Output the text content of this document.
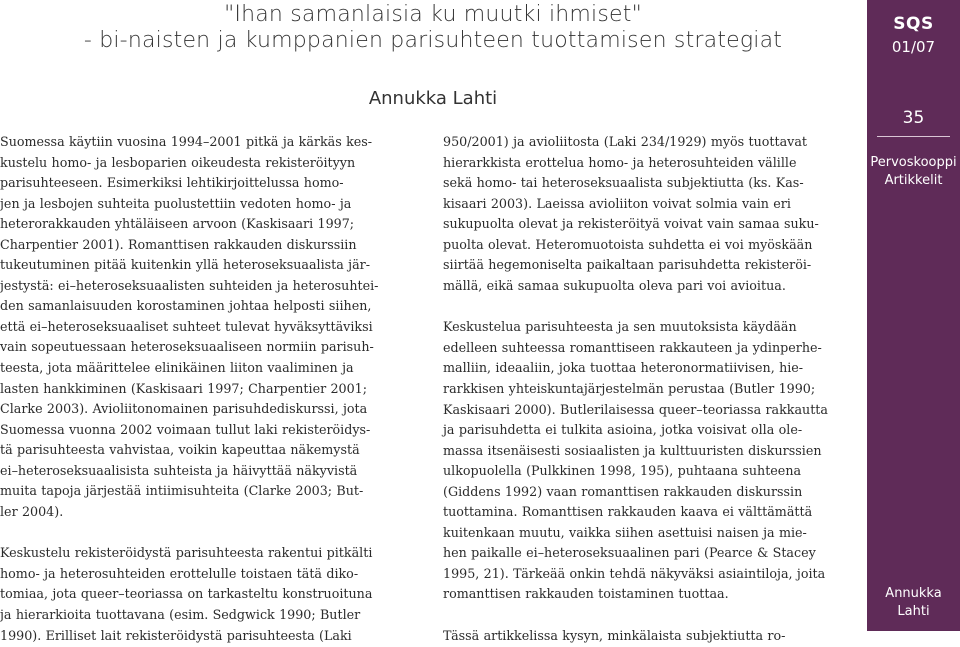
"Ihan samanlaisia ku muutki ihmiset"
- bi-naisten ja kumppanien parisuhteen tuottamisen strategiat
Annukka Lahti
SQS
01/07
35
Pervoskooppi
Artikkelit
Annukka
Lahti

Suomessa käytiin vuosina 1994–2001 pitkä ja kärkäs kes-
kustelu homo- ja lesboparien oikeudesta rekisteröityyn
parisuhteeseen. Esimerkiksi lehtikirjoittelussa homo-
jen ja lesbojen suhteita puolustettiin vedoten homo- ja
heterorakkauden yhtäläiseen arvoon (Kaskisaari 1997;
Charpentier 2001). Romanttisen rakkauden diskurssiin
tukeutuminen pitää kuitenkin yllä heteroseksuaalista jär-
jestystä: ei–heteroseksuaalisten suhteiden ja heterosuhtei-
den samanlaisuuden korostaminen johtaa helposti siihen,
että ei–heteroseksuaaliset suhteet tulevat hyväksyttäviksi
vain sopeutuessaan heteroseksuaaliseen normiin parisuh-
teesta, jota määrittelee elinikäinen liiton vaaliminen ja
lasten hankkiminen (Kaskisaari 1997; Charpentier 2001;
Clarke 2003). Avioliitonomainen parisuhdediskurssi, jota
Suomessa vuonna 2002 voimaan tullut laki rekisteröidys-
tä parisuhteesta vahvistaa, voikin kapeuttaa näkemystä
ei–heteroseksuaalisista suhteista ja häivyttää näkyvistä
muita tapoja järjestää intiimisuhteita (Clarke 2003; But-
ler 2004).

Keskustelu rekisteröidystä parisuhteesta rakentui pitkälti
homo- ja heterosuhteiden erottelulle toistaen tätä diko-
tomiaa, jota queer–teoriassa on tarkasteltu konstruoituna
ja hierarkioita tuottavana (esim. Sedgwick 1990; Butler
1990). Erilliset lait rekisteröidystä parisuhteesta (Laki

950/2001) ja avioliitosta (Laki 234/1929) myös tuottavat
hierarkkista erottelua homo- ja heterosuhteiden välille
sekä homo- tai heteroseksuaalista subjektiutta (ks. Kas-
kisaari 2003). Laeissa avioliiton voivat solmia vain eri
sukupuolta olevat ja rekisteröityä voivat vain samaa suku-
puolta olevat. Heteromuotoista suhdetta ei voi myöskään
siirtää hegemoniselta paikaltaan parisuhdetta rekisteröi-
mällä, eikä samaa sukupuolta oleva pari voi avioitua.

Keskustelua parisuhteesta ja sen muutoksista käydään
edelleen suhteessa romanttiseen rakkauteen ja ydinperhe-
malliin, ideaaliin, joka tuottaa heteronormatiivisen, hie-
rarkkisen yhteiskuntajärjestelmän perustaa (Butler 1990;
Kaskisaari 2000). Butlerilaisessa queer–teoriassa rakkautta
ja parisuhdetta ei tulkita asioina, jotka voisivat olla ole-
massa itsenäisesti sosiaalisten ja kulttuuristen diskurssien
ulkopuolella (Pulkkinen 1998, 195), puhtaana suhteena
(Giddens 1992) vaan romanttisen rakkauden diskurssin
tuottamina. Romanttisen rakkauden kaava ei välttämättä
kuitenkaan muutu, vaikka siihen asettuisi naisen ja mie-
hen paikalle ei–heteroseksuaalinen pari (Pearce & Stacey
1995, 21). Tärkeää onkin tehdä näkyväksi asiaintiloja, joita
romanttisen rakkauden toistaminen tuottaa.

Tässä artikkelissa kysyn, minkälaista subjektiutta ro-
